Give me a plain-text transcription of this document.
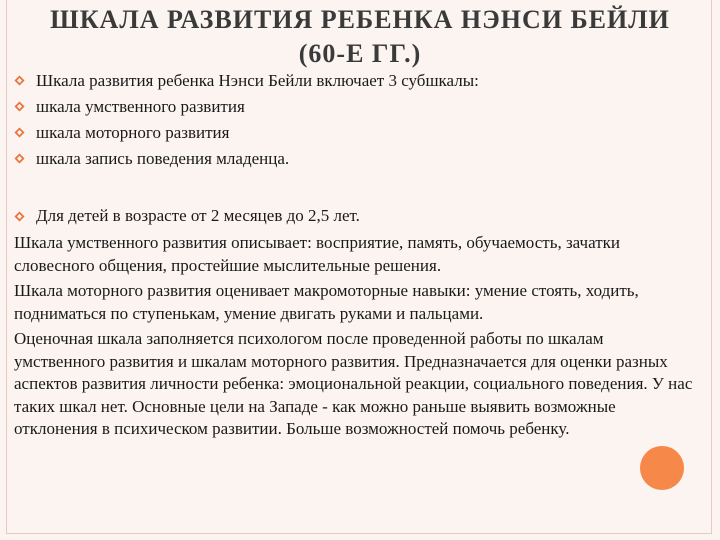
ШКАЛА РАЗВИТИЯ РЕБЕНКА НЭНСИ БЕЙЛИ
(60-Е ГГ.)
Шкала развития ребенка Нэнси Бейли включает 3 субшкалы:
шкала умственного развития
шкала моторного развития
шкала запись поведения младенца.
Для детей в возрасте от 2 месяцев до 2,5 лет.

Шкала умственного развития описывает: восприятие, память, обучаемость, зачатки словесного общения, простейшие мыслительные решения.

Шкала моторного развития оценивает макромоторные навыки: умение стоять, ходить, подниматься по ступенькам, умение двигать руками и пальцами.

Оценочная шкала заполняется психологом после проведенной работы по шкалам умственного развития и шкалам моторного развития. Предназначается для оценки разных аспектов развития личности ребенка: эмоциональной реакции, социального поведения. У нас таких шкал нет. Основные цели на Западе - как можно раньше выявить возможные отклонения в психическом развитии. Больше возможностей помочь ребенку.
